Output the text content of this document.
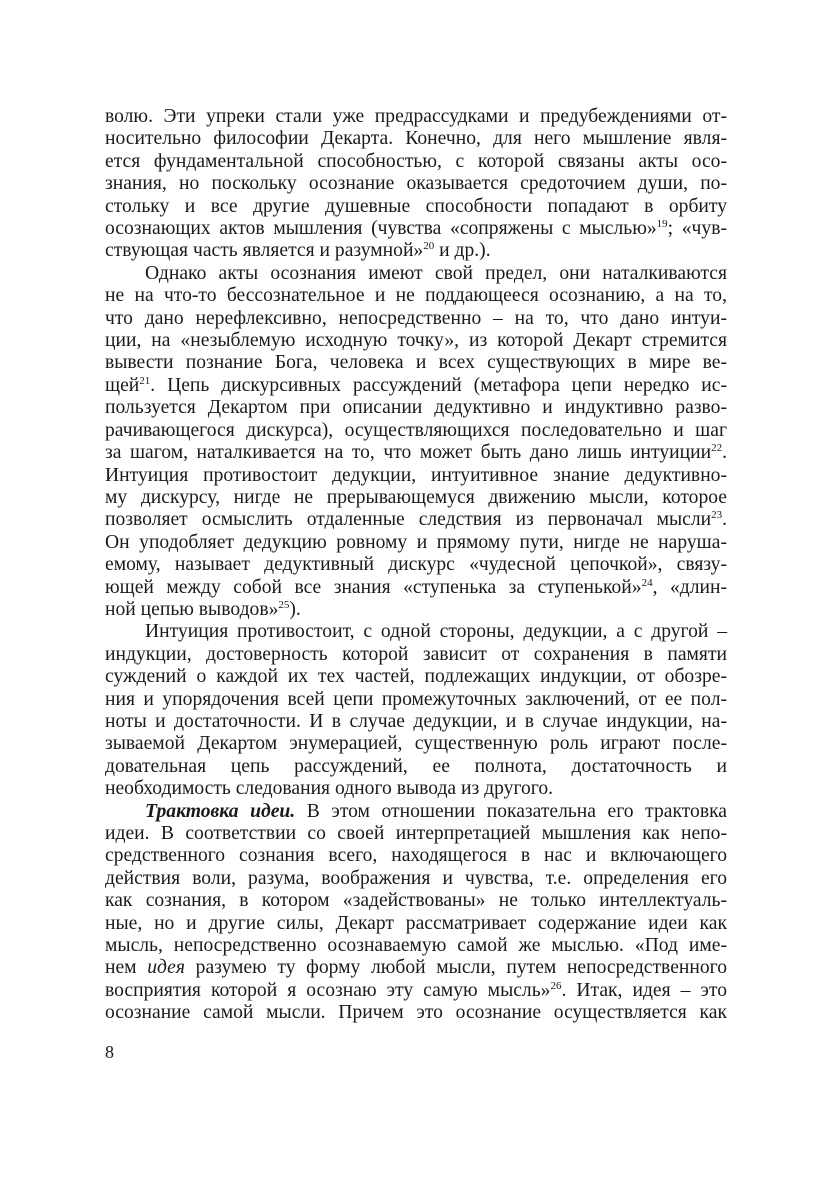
волю. Эти упреки стали уже предрассудками и предубеждениями от-
носительно философии Декарта. Конечно, для него мышление явля-
ется фундаментальной способностью, с которой связаны акты осо-
знания, но поскольку осознание оказывается средоточием души, по-
стольку и все другие душевные способности попадают в орбиту
осознающих актов мышления (чувства «сопряжены с мыслью»$^{19}$; «чув-
ствующая часть является и разумной»$^{20}$ и др.).

Однако акты осознания имеют свой предел, они наталкиваются
не на что-то бессознательное и не поддающееся осознанию, а на то,
что дано нерефлексивно, непосредственно – на то, что дано интуи-
ции, на «незыблемую исходную точку», из которой Декарт стремится
вывести познание Бога, человека и всех существующих в мире ве-
щей$^{21}$. Цепь дискурсивных рассуждений (метафора цепи нередко ис-
пользуется Декартом при описании дедуктивно и индуктивно разво-
рачивающегося дискурса), осуществляющихся последовательно и шаг
за шагом, наталкивается на то, что может быть дано лишь интуиции$^{22}$.
Интуиция противостоит дедукции, интуитивное знание дедуктивно-
му дискурсу, нигде не прерывающемуся движению мысли, которое
позволяет осмыслить отдаленные следствия из первоначал мысли$^{23}$.
Он уподобляет дедукцию ровному и прямому пути, нигде не наруша-
емому, называет дедуктивный дискурс «чудесной цепочкой», связу-
ющей между собой все знания «ступенька за ступенькой»$^{24}$, «длин-
ной цепью выводов»$^{25}$).

Интуиция противостоит, с одной стороны, дедукции, а с другой –
индукции, достоверность которой зависит от сохранения в памяти
суждений о каждой их тех частей, подлежащих индукции, от обозре-
ния и упорядочения всей цепи промежуточных заключений, от ее пол-
ноты и достаточности. И в случае дедукции, и в случае индукции, на-
зываемой Декартом энумерацией, существенную роль играют после-
довательная цепь рассуждений, ее полнота, достаточность и
необходимость следования одного вывода из другого.

Трактовка идеи. В этом отношении показательна его трактовка
идеи. В соответствии со своей интерпретацией мышления как непо-
средственного сознания всего, находящегося в нас и включающего
действия воли, разума, воображения и чувства, т.е. определения его
как сознания, в котором «задействованы» не только интеллектуаль-
ные, но и другие силы, Декарт рассматривает содержание идеи как
мысль, непосредственно осознаваемую самой же мыслью. «Под имe-
нем идея разумею ту форму любой мысли, путем непосредственного
восприятия которой я осознаю эту самую мысль»$^{26}$. Итак, идея – это
осознание самой мысли. Причем это осознание осуществляется как

8
